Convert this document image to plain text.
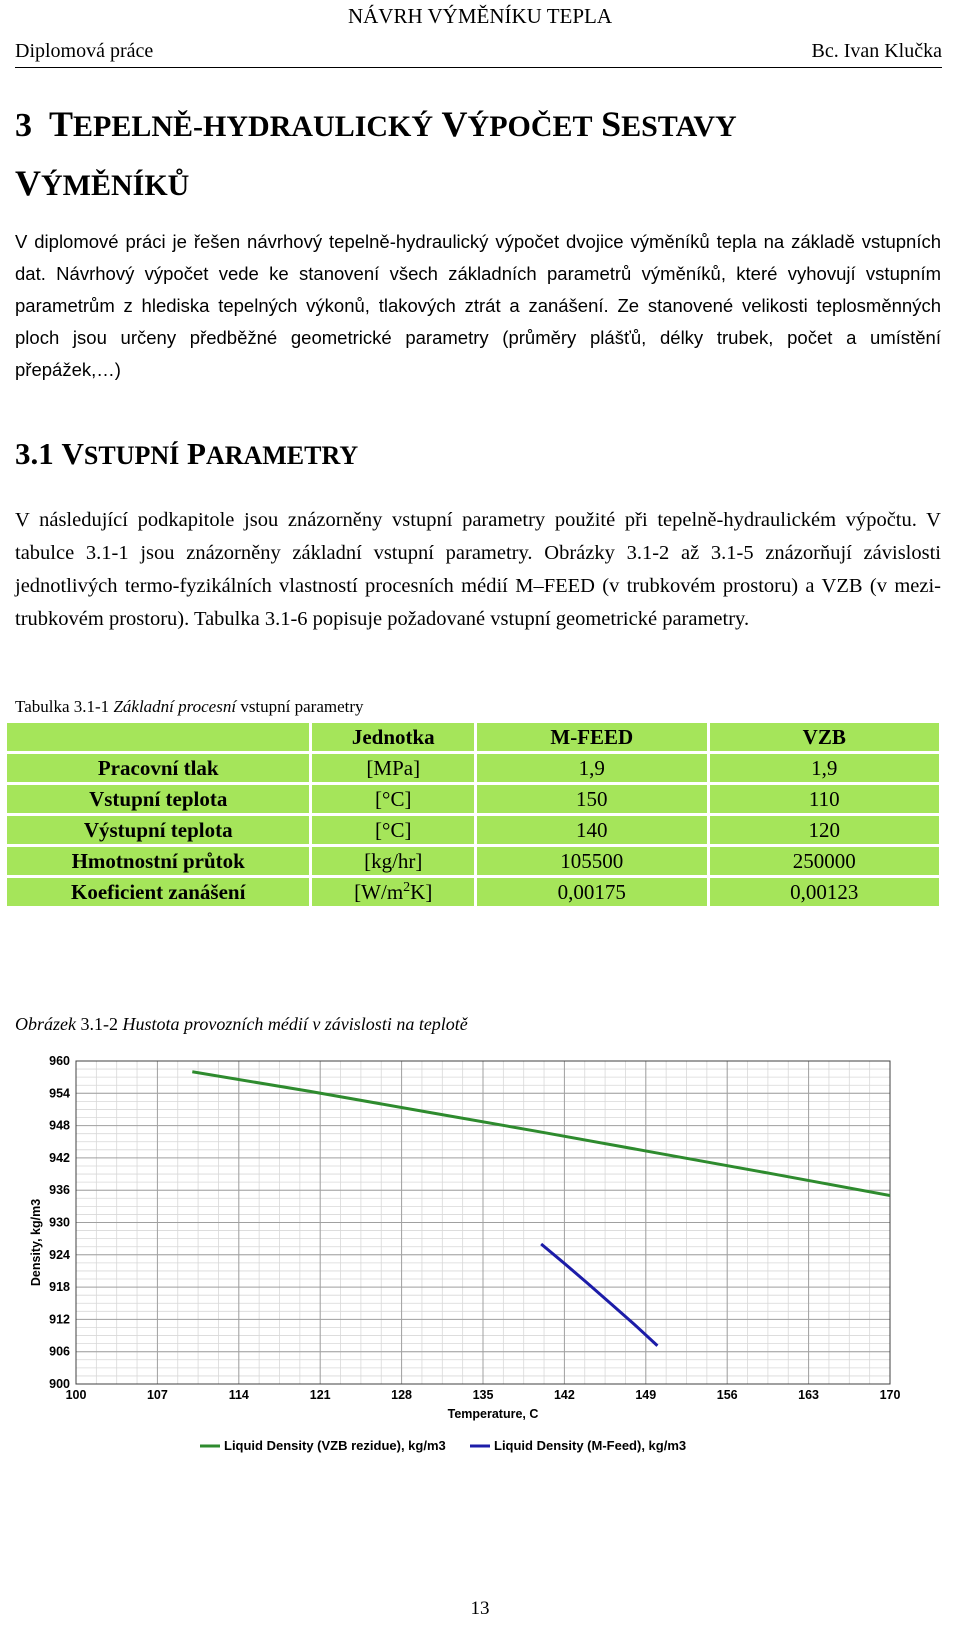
NÁVRH VÝMĚNÍKU TEPLA
Diplomová práce	Bc. Ivan Klučka
3 TEPELNĚ-HYDRAULICKÝ VÝPOČET SESTAVY VÝMĚNÍKŮ
V diplomové práci je řešen návrhový tepelně-hydraulický výpočet dvojice výměníků tepla na základě vstupních dat. Návrhový výpočet vede ke stanovení všech základních parametrů výměníků, které vyhovují vstupním parametrům z hlediska tepelných výkonů, tlakových ztrát a zanášení. Ze stanovené velikosti teplosměnných ploch jsou určeny předběžné geometrické parametry (průměry plášťů, délky trubek, počet a umístění přepážek,…)
3.1 VSTUPNÍ PARAMETRY
V následující podkapitole jsou znázorněny vstupní parametry použité při tepelně-hydraulickém výpočtu. V tabulce 3.1-1 jsou znázorněny základní vstupní parametry. Obrázky 3.1-2 až 3.1-5 znázorňují závislosti jednotlivých termo-fyzikálních vlastností procesních médií M–FEED (v trubkovém prostoru) a VZB (v mezi-trubkovém prostoru). Tabulka 3.1-6 popisuje požadované vstupní geometrické parametry.
Tabulka 3.1-1 Základní procesní vstupní parametry
	Jednotka	M-FEED	VZB
Pracovní tlak	[MPa]	1,9	1,9
Vstupní teplota	[°C]	150	110
Výstupní teplota	[°C]	140	120
Hmotnostní průtok	[kg/hr]	105500	250000
Koeficient zanášení	$[W/m^2K]$	0,00175	0,00123
Obrázek 3.1-2 Hustota provozních médií v závislosti na teplotě
100	107	114	121	128	135	142	149	156	163	170
960
954
948
942
936
930
924
918
912
906
900
Temperature, C
Density, kg/m3
Liquid Density (VZB rezidue), kg/m3	Liquid Density (M-Feed), kg/m3
13
